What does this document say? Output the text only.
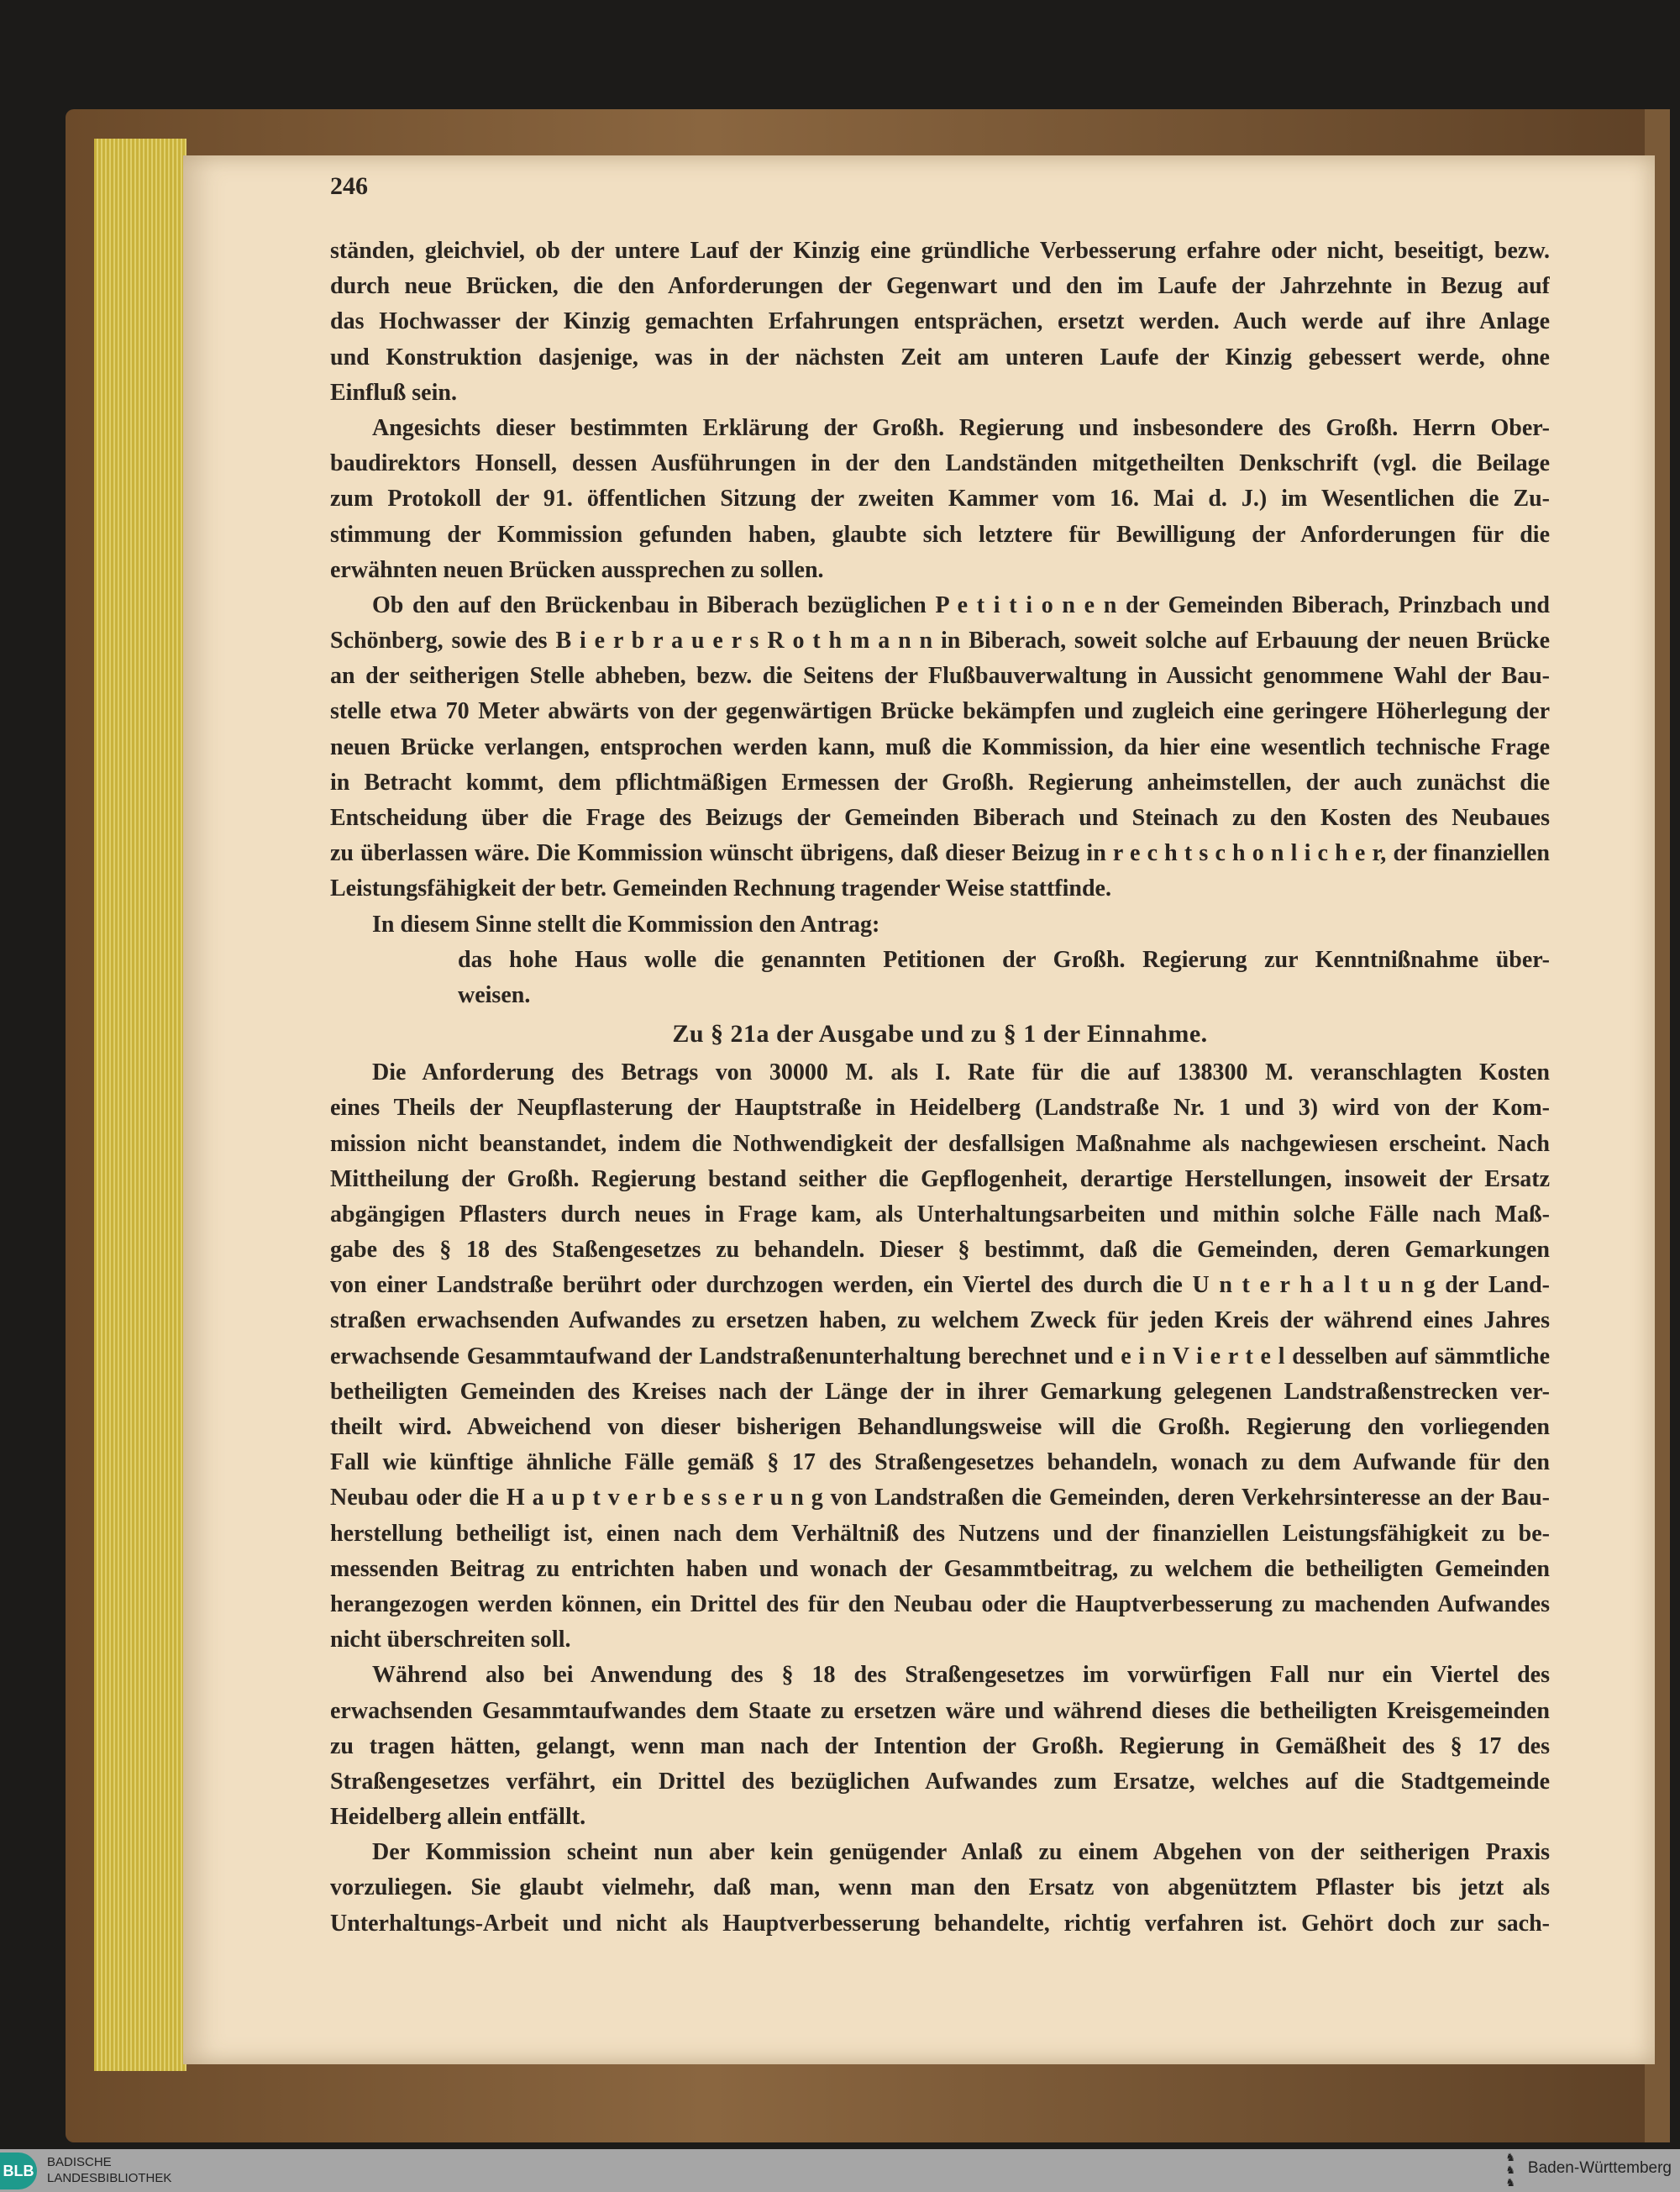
246
ständen, gleichviel, ob der untere Lauf der Kinzig eine gründliche Verbesserung erfahre oder nicht, beseitigt, bezw.
durch neue Brücken, die den Anforderungen der Gegenwart und den im Laufe der Jahrzehnte in Bezug auf
das Hochwasser der Kinzig gemachten Erfahrungen entsprächen, ersetzt werden. Auch werde auf ihre Anlage
und Konstruktion dasjenige, was in der nächsten Zeit am unteren Laufe der Kinzig gebessert werde, ohne
Einfluß sein.
Angesichts dieser bestimmten Erklärung der Großh. Regierung und insbesondere des Großh. Herrn Ober-
baudirektors Honsell, dessen Ausführungen in der den Landständen mitgetheilten Denkschrift (vgl. die Beilage
zum Protokoll der 91. öffentlichen Sitzung der zweiten Kammer vom 16. Mai d. J.) im Wesentlichen die Zu-
stimmung der Kommission gefunden haben, glaubte sich letztere für Bewilligung der Anforderungen für die
erwähnten neuen Brücken aussprechen zu sollen.
Ob den auf den Brückenbau in Biberach bezüglichen P e t i t i o n e n der Gemeinden Biberach, Prinzbach und
Schönberg, sowie des B i e r b r a u e r s R o t h m a n n in Biberach, soweit solche auf Erbauung der neuen Brücke
an der seitherigen Stelle abheben, bezw. die Seitens der Flußbauverwaltung in Aussicht genommene Wahl der Bau-
stelle etwa 70 Meter abwärts von der gegenwärtigen Brücke bekämpfen und zugleich eine geringere Höherlegung der
neuen Brücke verlangen, entsprochen werden kann, muß die Kommission, da hier eine wesentlich technische Frage
in Betracht kommt, dem pflichtmäßigen Ermessen der Großh. Regierung anheimstellen, der auch zunächst die
Entscheidung über die Frage des Beizugs der Gemeinden Biberach und Steinach zu den Kosten des Neubaues
zu überlassen wäre. Die Kommission wünscht übrigens, daß dieser Beizug in r e c h t s c h o n l i c h e r, der finanziellen
Leistungsfähigkeit der betr. Gemeinden Rechnung tragender Weise stattfinde.
In diesem Sinne stellt die Kommission den Antrag:
das hohe Haus wolle die genannten Petitionen der Großh. Regierung zur Kenntnißnahme über-
weisen.
Zu § 21a der Ausgabe und zu § 1 der Einnahme.
Die Anforderung des Betrags von 30000 M. als I. Rate für die auf 138300 M. veranschlagten Kosten
eines Theils der Neupflasterung der Hauptstraße in Heidelberg (Landstraße Nr. 1 und 3) wird von der Kom-
mission nicht beanstandet, indem die Nothwendigkeit der desfallsigen Maßnahme als nachgewiesen erscheint. Nach
Mittheilung der Großh. Regierung bestand seither die Gepflogenheit, derartige Herstellungen, insoweit der Ersatz
abgängigen Pflasters durch neues in Frage kam, als Unterhaltungsarbeiten und mithin solche Fälle nach Maß-
gabe des § 18 des Staßengesetzes zu behandeln. Dieser § bestimmt, daß die Gemeinden, deren Gemarkungen
von einer Landstraße berührt oder durchzogen werden, ein Viertel des durch die U n t e r h a l t u n g der Land-
straßen erwachsenden Aufwandes zu ersetzen haben, zu welchem Zweck für jeden Kreis der während eines Jahres
erwachsende Gesammtaufwand der Landstraßenunterhaltung berechnet und e i n V i e r t e l desselben auf sämmtliche
betheiligten Gemeinden des Kreises nach der Länge der in ihrer Gemarkung gelegenen Landstraßenstrecken ver-
theilt wird. Abweichend von dieser bisherigen Behandlungsweise will die Großh. Regierung den vorliegenden
Fall wie künftige ähnliche Fälle gemäß § 17 des Straßengesetzes behandeln, wonach zu dem Aufwande für den
Neubau oder die H a u p t v e r b e s s e r u n g von Landstraßen die Gemeinden, deren Verkehrsinteresse an der Bau-
herstellung betheiligt ist, einen nach dem Verhältniß des Nutzens und der finanziellen Leistungsfähigkeit zu be-
messenden Beitrag zu entrichten haben und wonach der Gesammtbeitrag, zu welchem die betheiligten Gemeinden
herangezogen werden können, ein Drittel des für den Neubau oder die Hauptverbesserung zu machenden Aufwandes
nicht überschreiten soll.
Während also bei Anwendung des § 18 des Straßengesetzes im vorwürfigen Fall nur ein Viertel des
erwachsenden Gesammtaufwandes dem Staate zu ersetzen wäre und während dieses die betheiligten Kreisgemeinden
zu tragen hätten, gelangt, wenn man nach der Intention der Großh. Regierung in Gemäßheit des § 17 des
Straßengesetzes verfährt, ein Drittel des bezüglichen Aufwandes zum Ersatze, welches auf die Stadtgemeinde
Heidelberg allein entfällt.
Der Kommission scheint nun aber kein genügender Anlaß zu einem Abgehen von der seitherigen Praxis
vorzuliegen. Sie glaubt vielmehr, daß man, wenn man den Ersatz von abgenütztem Pflaster bis jetzt als
Unterhaltungs-Arbeit und nicht als Hauptverbesserung behandelte, richtig verfahren ist. Gehört doch zur sach-
BLB
BADISCHE
LANDESBIBLIOTHEK
♞
♞
♞
Baden-Württemberg
